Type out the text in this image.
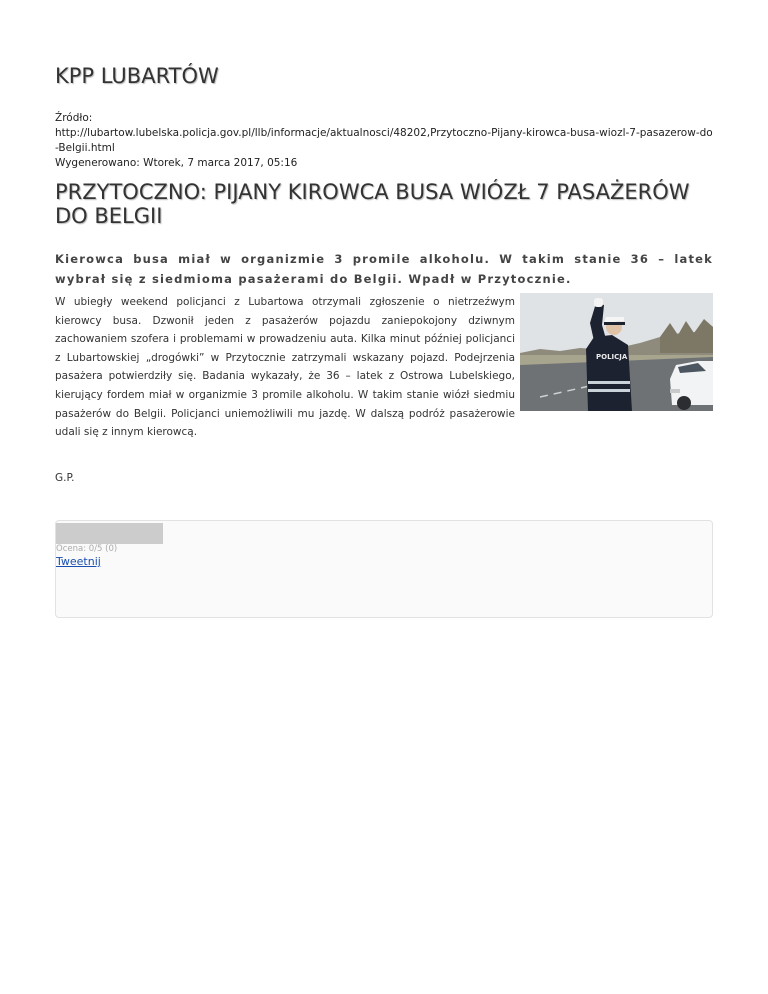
KPP LUBARTÓW
Źródło:
http://lubartow.lubelska.policja.gov.pl/llb/informacje/aktualnosci/48202,Przytoczno-Pijany-kirowca-busa-wiozl-7-pasazerow-do-Belgii.html
Wygenerowano: Wtorek, 7 marca 2017, 05:16
PRZYTOCZNO: PIJANY KIROWCA BUSA WIÓZŁ 7 PASAŻERÓW DO BELGII

Kierowca busa miał w organizmie 3 promile alkoholu. W takim stanie 36 – latek wybrał się z siedmioma pasażerami do Belgii. Wpadł w Przytocznie.

W ubiegły weekend policjanci z Lubartowa otrzymali zgłoszenie o nietrzeźwym kierowcy busa. Dzwonił jeden z pasażerów pojazdu zaniepokojony dziwnym zachowaniem szofera i problemami w prowadzeniu auta. Kilka minut później policjanci z Lubartowskiej „drogówki” w Przytocznie zatrzymali wskazany pojazd. Podejrzenia pasażera potwierdziły się. Badania wykazały, że 36 – latek z Ostrowa Lubelskiego, kierujący fordem miał w organizmie 3 promile alkoholu. W takim stanie wiózł siedmiu pasażerów do Belgii. Policjanci uniemożliwili mu jazdę. W dalszą podróż pasażerowie udali się z innym kierowcą.

POLICJA

G.P.

Ocena: 0/5 (0)
Tweetnij
